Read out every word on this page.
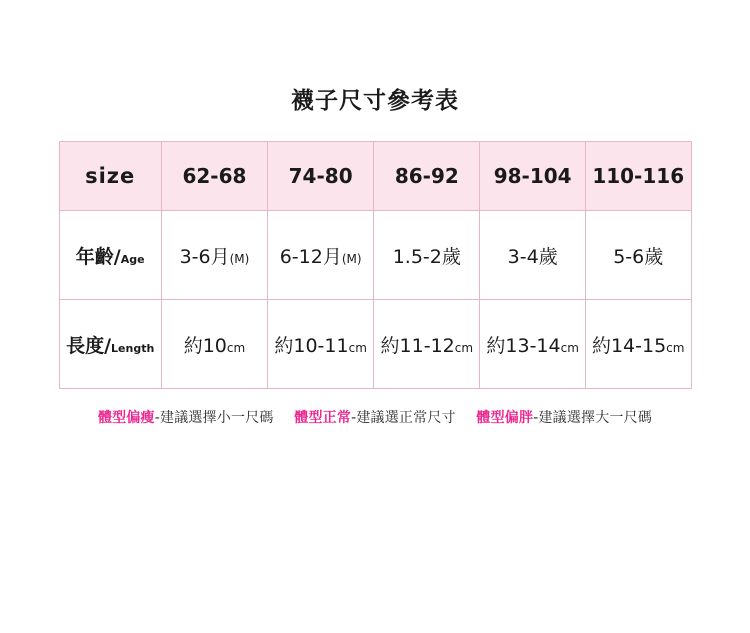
襪子尺寸參考表
size	62-68	74-80	86-92	98-104	110-116
年齡/Age	3-6月(M)	6-12月(M)	1.5-2歲	3-4歲	5-6歲
長度/Length	約10cm	約10-11cm	約11-12cm	約13-14cm	約14-15cm
體型偏瘦-建議選擇小一尺碼 體型正常-建議選正常尺寸 體型偏胖-建議選擇大一尺碼
